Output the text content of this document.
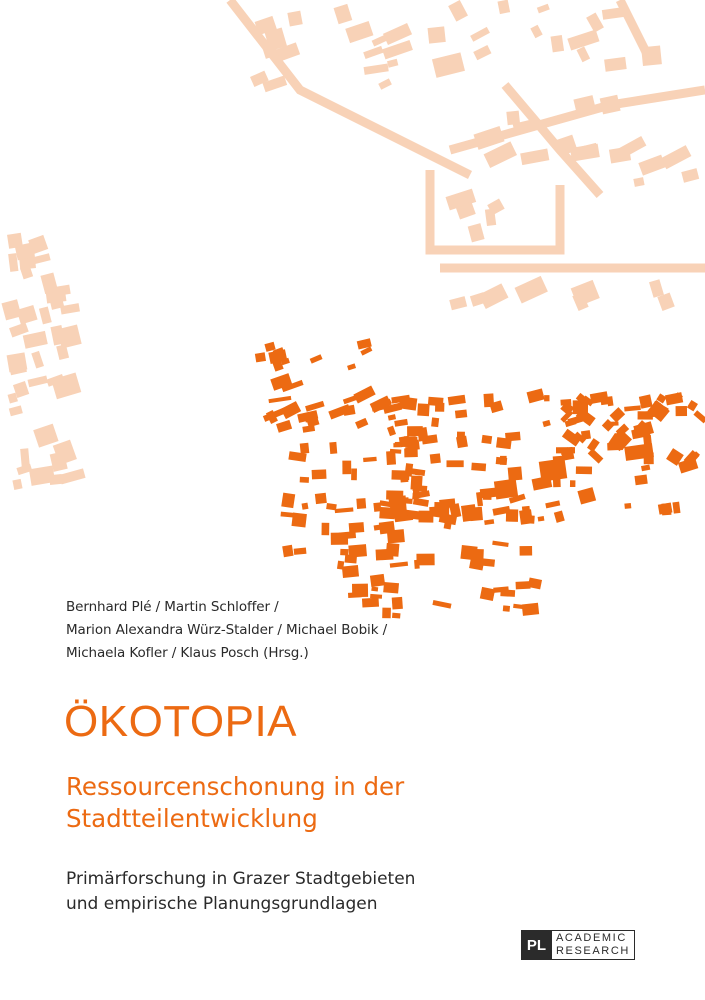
Bernhard Plé / Martin Schloffer /
Marion Alexandra Würz-Stalder / Michael Bobik /
Michaela Kofler / Klaus Posch (Hrsg.)
ÖKOTOPIA
Ressourcenschonung in der
Stadtteilentwicklung
Primärforschung in Grazer Stadtgebieten
und empirische Planungsgrundlagen
PL ACADEMIC
RESEARCH
